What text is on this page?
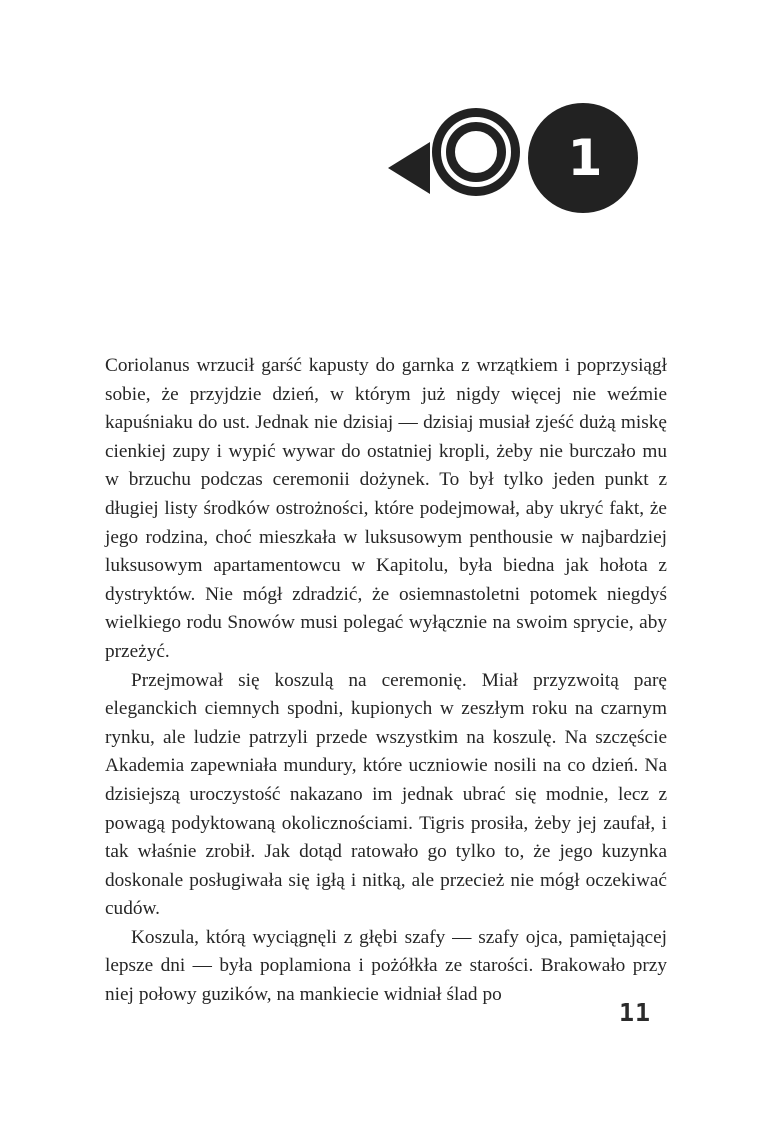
1

Coriolanus wrzucił garść kapusty do garnka z wrzątkiem i poprzysiągł sobie, że przyjdzie dzień, w którym już nigdy więcej nie weźmie kapuśniaku do ust. Jednak nie dzisiaj — dzisiaj musiał zjeść dużą miskę cienkiej zupy i wypić wywar do ostatniej kropli, żeby nie burczało mu w brzuchu podczas ceremonii dożynek. To był tylko jeden punkt z długiej listy środków ostrożności, które podejmował, aby ukryć fakt, że jego rodzina, choć mieszkała w luksusowym penthousie w najbardziej luksusowym apartamentowcu w Kapitolu, była biedna jak hołota z dystryktów. Nie mógł zdradzić, że osiemnastoletni potomek niegdyś wielkiego rodu Snowów musi polegać wyłącznie na swoim sprycie, aby przeżyć.

Przejmował się koszulą na ceremonię. Miał przyzwoitą parę eleganckich ciemnych spodni, kupionych w zeszłym roku na czarnym rynku, ale ludzie patrzyli przede wszystkim na koszulę. Na szczęście Akademia zapewniała mundury, które uczniowie nosili na co dzień. Na dzisiejszą uroczystość nakazano im jednak ubrać się modnie, lecz z powagą podyktowaną okolicznościami. Tigris prosiła, żeby jej zaufał, i tak właśnie zrobił. Jak dotąd ratowało go tylko to, że jego kuzynka doskonale posługiwała się igłą i nitką, ale przecież nie mógł oczekiwać cudów.

Koszula, którą wyciągnęli z głębi szafy — szafy ojca, pamiętającej lepsze dni — była poplamiona i pożółkła ze starości. Brakowało przy niej połowy guzików, na mankiecie widniał ślad po

11
